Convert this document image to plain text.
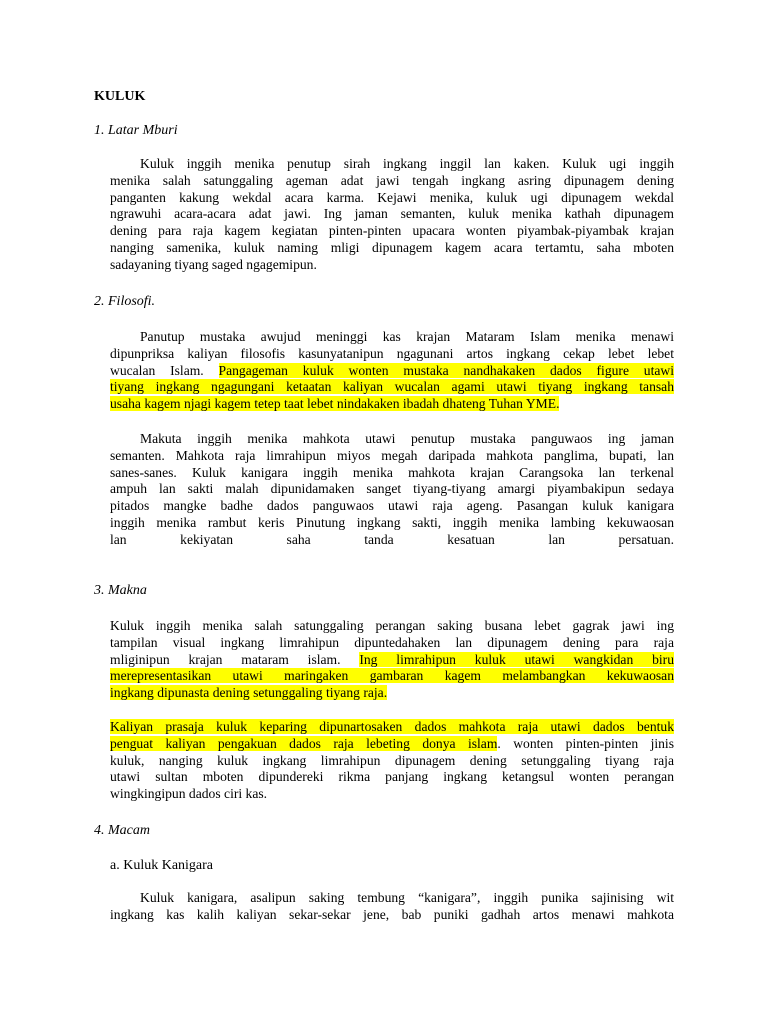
KULUK
1. Latar Mburi
Kuluk inggih menika penutup sirah ingkang inggil lan kaken. Kuluk ugi inggih
menika salah satunggaling ageman adat jawi tengah ingkang asring dipunagem dening
panganten kakung wekdal acara karma. Kejawi menika, kuluk ugi dipunagem wekdal
ngrawuhi acara-acara adat jawi. Ing jaman semanten, kuluk menika kathah dipunagem
dening para raja kagem kegiatan pinten-pinten upacara wonten piyambak-piyambak krajan
nanging samenika, kuluk naming mligi dipunagem kagem acara tertamtu, saha mboten
sadayaning tiyang saged ngagemipun.
2. Filosofi.
Panutup mustaka awujud meninggi kas krajan Mataram Islam menika menawi
dipunpriksa kaliyan filosofis kasunyatanipun ngagunani artos ingkang cekap lebet lebet
wucalan Islam. Pangageman kuluk wonten mustaka nandhakaken dados figure utawi
tiyang ingkang ngagungani ketaatan kaliyan wucalan agami utawi tiyang ingkang tansah
usaha kagem njagi kagem tetep taat lebet nindakaken ibadah dhateng Tuhan YME.
Makuta inggih menika mahkota utawi penutup mustaka panguwaos ing jaman
semanten. Mahkota raja limrahipun miyos megah daripada mahkota panglima, bupati, lan
sanes-sanes. Kuluk kanigara inggih menika mahkota krajan Carangsoka lan terkenal
ampuh lan sakti malah dipunidamaken sanget tiyang-tiyang amargi piyambakipun sedaya
pitados mangke badhe dados panguwaos utawi raja ageng. Pasangan kuluk kanigara
inggih menika rambut keris Pinutung ingkang sakti, inggih menika lambing kekuwaosan
lan kekiyatan saha tanda kesatuan lan persatuan.
3. Makna
Kuluk inggih menika salah satunggaling perangan saking busana lebet gagrak jawi ing
tampilan visual ingkang limrahipun dipuntedahaken lan dipunagem dening para raja
mliginipun krajan mataram islam. Ing limrahipun kuluk utawi wangkidan biru
merepresentasikan utawi maringaken gambaran kagem melambangkan kekuwaosan
ingkang dipunasta dening setunggaling tiyang raja.
Kaliyan prasaja kuluk keparing dipunartosaken dados mahkota raja utawi dados bentuk
penguat kaliyan pengakuan dados raja lebeting donya islam. wonten pinten-pinten jinis
kuluk, nanging kuluk ingkang limrahipun dipunagem dening setunggaling tiyang raja
utawi sultan mboten dipundereki rikma panjang ingkang ketangsul wonten perangan
wingkingipun dados ciri kas.
4. Macam
a. Kuluk Kanigara
Kuluk kanigara, asalipun saking tembung “kanigara”, inggih punika sajinising wit
ingkang kas kalih kaliyan sekar-sekar jene, bab puniki gadhah artos menawi mahkota
